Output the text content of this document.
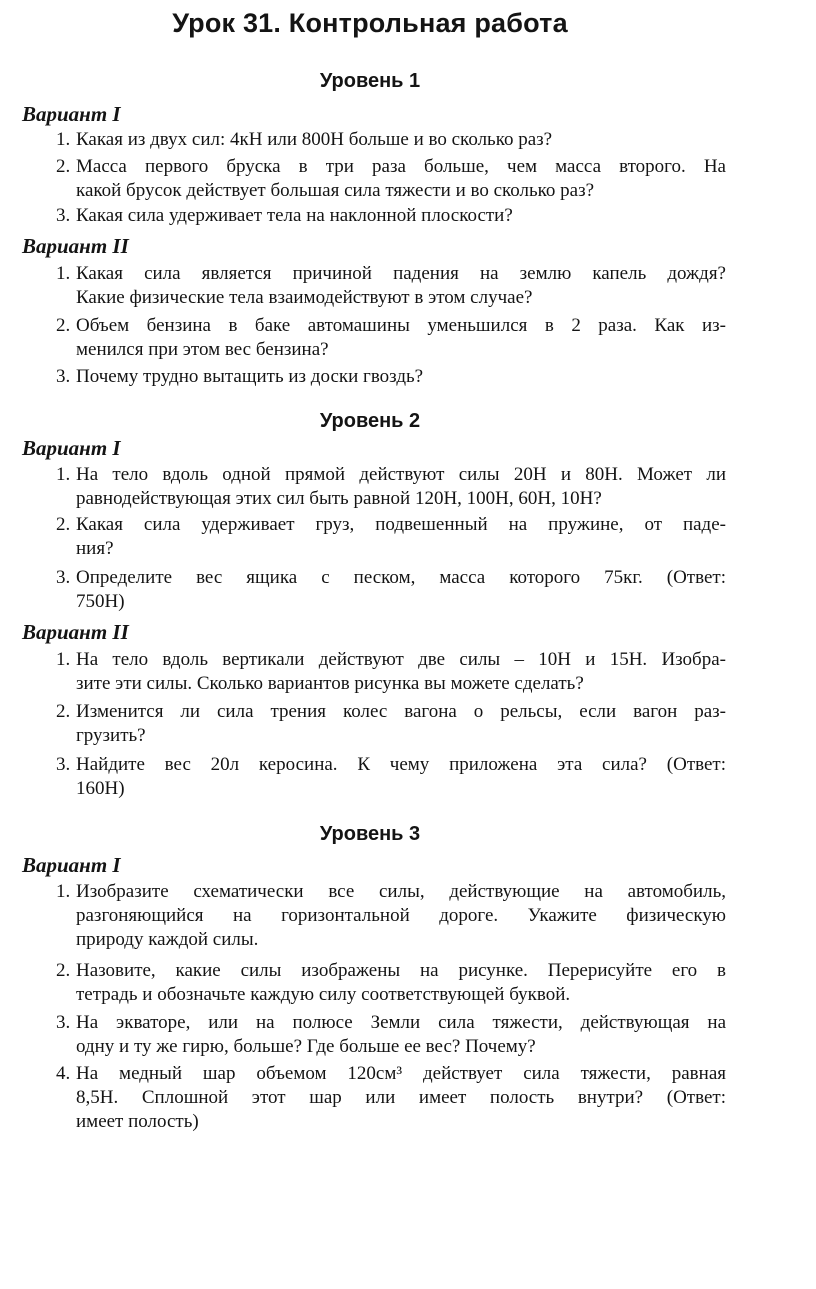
Урок 31. Контрольная работа
Уровень 1
Вариант I
1. Какая из двух сил: 4кН или 800Н больше и во сколько раз?
2. Масса первого бруска в три раза больше, чем масса второго. На
какой брусок действует большая сила тяжести и во сколько раз?
3. Какая сила удерживает тела на наклонной плоскости?
Вариант II
1. Какая сила является причиной падения на землю капель дождя?
Какие физические тела взаимодействуют в этом случае?
2. Объем бензина в баке автомашины уменьшился в 2 раза. Как из-
менился при этом вес бензина?
3. Почему трудно вытащить из доски гвоздь?
Уровень 2
Вариант I
1. На тело вдоль одной прямой действуют силы 20Н и 80Н. Может ли
равнодействующая этих сил быть равной 120Н, 100Н, 60Н, 10Н?
2. Какая сила удерживает груз, подвешенный на пружине, от паде-
ния?
3. Определите вес ящика с песком, масса которого 75кг. (Ответ:
750Н)
Вариант II
1. На тело вдоль вертикали действуют две силы – 10Н и 15Н. Изобра-
зите эти силы. Сколько вариантов рисунка вы можете сделать?
2. Изменится ли сила трения колес вагона о рельсы, если вагон раз-
грузить?
3. Найдите вес 20л керосина. К чему приложена эта сила? (Ответ:
160Н)
Уровень 3
Вариант I
1. Изобразите схематически все силы, действующие на автомобиль,
разгоняющийся на горизонтальной дороге. Укажите физическую
природу каждой силы.
2. Назовите, какие силы изображены на рисунке. Перерисуйте его в
тетрадь и обозначьте каждую силу соответствующей буквой.
3. На экваторе, или на полюсе Земли сила тяжести, действующая на
одну и ту же гирю, больше? Где больше ее вес? Почему?
4. На медный шар объемом 120см³ действует сила тяжести, равная
8,5Н. Сплошной этот шар или имеет полость внутри? (Ответ:
имеет полость)
